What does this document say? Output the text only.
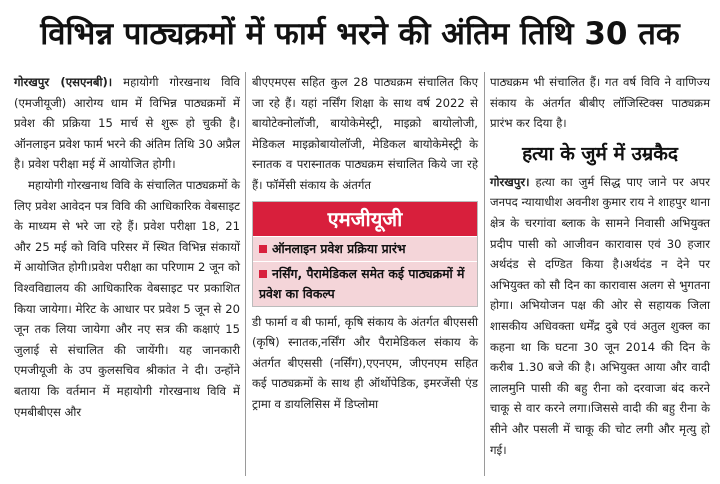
विभिन्न पाठ्यक्रमों में फार्म भरने की अंतिम तिथि 30 तक

गोरखपुर (एसएनबी)। महायोगी गोरखनाथ विवि (एमजीयूजी) आरोग्य धाम में विभिन्न पाठ्यक्रमों में प्रवेश की प्रक्रिया 15 मार्च से शुरू हो चुकी है। ऑनलाइन प्रवेश फार्म भरने की अंतिम तिथि 30 अप्रैल है। प्रवेश परीक्षा मई में आयोजित होगी।

महायोगी गोरखनाथ विवि के संचालित पाठ्यक्रमों के लिए प्रवेश आवेदन पत्र विवि की आधिकारिक वेबसाइट के माध्यम से भरे जा रहे हैं। प्रवेश परीक्षा 18, 21 और 25 मई को विवि परिसर में स्थित विभिन्न संकायों में आयोजित होगी।प्रवेश परीक्षा का परिणाम 2 जून को विश्वविद्यालय की आधिकारिक वेबसाइट पर प्रकाशित किया जायेगा। मेरिट के आधार पर प्रवेश 5 जून से 20 जून तक लिया जायेगा और नए सत्र की कक्षाएं 15 जुलाई से संचालित की जायेंगी। यह जानकारी एमजीयूजी के उप कुलसचिव श्रीकांत ने दी। उन्होंने बताया कि वर्तमान में महायोगी गोरखनाथ विवि में एमबीबीएस और

बीएएमएस सहित कुल 28 पाठ्यक्रम संचालित किए जा रहे हैं। यहां नर्सिंग शिक्षा के साथ वर्ष 2022 से बायोटेक्नोलॉजी, बायोकेमेस्ट्री, माइक्रो बायोलोजी, मेडिकल माइक्रोबायोलॉजी, मेडिकल बायोकेमेस्ट्री के स्नातक व परास्नातक पाठ्यक्रम संचालित किये जा रहे हैं। फॉर्मेसी संकाय के अंतर्गत

एमजीयूजी
ऑनलाइन प्रवेश प्रक्रिया प्रारंभ
नर्सिंग, पैरामेडिकल समेत कई पाठ्यक्रमों में प्रवेश का विकल्प

डी फार्मा व बी फार्मा, कृषि संकाय के अंतर्गत बीएससी (कृषि) स्नातक,नर्सिंग और पैरामेडिकल संकाय के अंतर्गत बीएससी (नर्सिंग),एएनएम, जीएनएम सहित कई पाठ्यक्रमों के साथ ही ऑर्थोपेडिक, इमरजेंसी एंड ट्रामा व डायलिसिस में डिप्लोमा

पाठ्यक्रम भी संचालित हैं। गत वर्ष विवि ने वाणिज्य संकाय के अंतर्गत बीबीए लॉजिस्टिक्स पाठ्यक्रम प्रारंभ कर दिया है।

हत्या के जुर्म में उम्रकैद

गोरखपुर। हत्या का जुर्म सिद्ध पाए जाने पर अपर जनपद न्यायाधीश अवनीश कुमार राय ने शाहपुर थाना क्षेत्र के चरगांवा ब्लाक के सामने निवासी अभियुक्त प्रदीप पासी को आजीवन कारावास एवं 30 हजार अर्थदंड से दण्डित किया है।अर्थदंड न देने पर अभियुक्त को सौ दिन का कारावास अलग से भुगतना होगा। अभियोजन पक्ष की ओर से सहायक जिला शासकीय अधिवक्ता धर्मेंद्र दुबे एवं अतुल शुक्ल का कहना था कि घटना 30 जून 2014 की दिन के करीब 1.30 बजे की है। अभियुक्त आया और वादी लालमुनि पासी की बहु रीना को दरवाजा बंद करने चाकू से वार करने लगा।जिससे वादी की बहु रीना के सीने और पसली में चाकू की चोट लगी और मृत्यु हो गई।
